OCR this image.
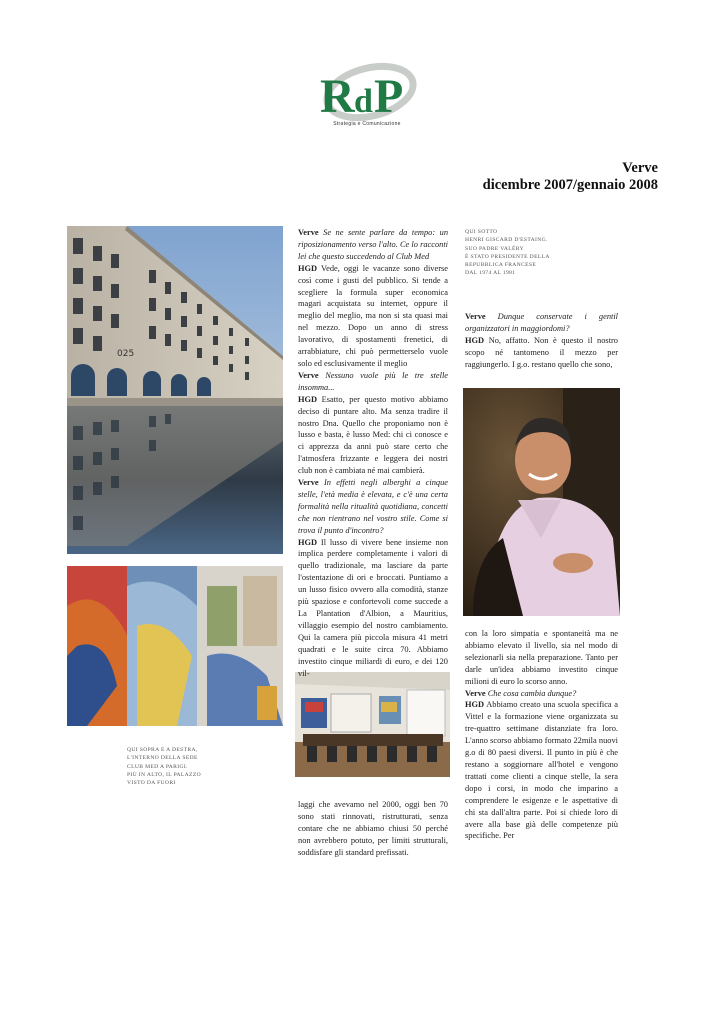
R d P
Strategia e Comunicazione
Verve
dicembre 2007/gennaio 2008
025
QUI SOTTO
HENRI GISCARD D'ESTAING.
SUO PADRE VALÉRY
È STATO PRESIDENTE DELLA
REPUBBLICA FRANCESE
DAL 1974 AL 1981
QUI SOPRA E A DESTRA,
L'INTERNO DELLA SEDE
CLUB MED A PARIGI.
PIÙ IN ALTO, IL PALAZZO
VISTO DA FUORI

Verve Se ne sente parlare da tempo: un riposizionamento verso l'alto. Ce lo racconti lei che questo succedendo al Club Med

HGD Vede, oggi le vacanze sono diverse così come i gusti del pubblico. Si tende a scegliere la formula super economica magari acquistata su internet, oppure il meglio del meglio, ma non si sta quasi mai nel mezzo. Dopo un anno di stress lavorativo, di spostamenti frenetici, di arrabbiature, chi può permetterselo vuole solo ed esclusivamente il meglio

Verve Nessuno vuole più le tre stelle insomma...

HGD Esatto, per questo motivo abbiamo deciso di puntare alto. Ma senza tradire il nostro Dna. Quello che proponiamo non è lusso e basta, è lusso Med: chi ci conosce e ci apprezza da anni può stare certo che l'atmosfera frizzante e leggera dei nostri club non è cambiata né mai cambierà.

Verve In effetti negli alberghi a cinque stelle, l'età media è elevata, e c'è una certa formalità nella ritualità quotidiana, concetti che non rientrano nel vostro stile. Come si trova il punto d'incontro?

HGD Il lusso di vivere bene insieme non implica perdere completamente i valori di quello tradizionale, ma lasciare da parte l'ostentazione di ori e broccati. Puntiamo a un lusso fisico ovvero alla comodità, stanze più spaziose e confortevoli come succede a La Plantation d'Albion, a Mauritius, villaggio esempio del nostro cambiamento. Qui la camera più piccola misura 41 metri quadrati e le suite circa 70. Abbiamo investito cinque miliardi di euro, e dei 120 vil-

laggi che avevamo nel 2000, oggi ben 70 sono stati rinnovati, ristrutturati, senza contare che ne abbiamo chiusi 50 perché non avrebbero potuto, per limiti strutturali, soddisfare gli standard prefissati.

Verve Dunque conservate i gentil organizzatori in maggiordomi?

HGD No, affatto. Non è questo il nostro scopo né tantomeno il mezzo per raggiungerlo. I g.o. restano quello che sono,

con la loro simpatia e spontaneità ma ne abbiamo elevato il livello, sia nel modo di selezionarli sia nella preparazione. Tanto per darle un'idea abbiamo investito cinque milioni di euro lo scorso anno.

Verve Che cosa cambia dunque?

HGD Abbiamo creato una scuola specifica a Vittel e la formazione viene organizzata su tre-quattro settimane distanziate fra loro. L'anno scorso abbiamo formato 22mila nuovi g.o di 80 paesi diversi. Il punto in più è che restano a soggiornare all'hotel e vengono trattati come clienti a cinque stelle, la sera dopo i corsi, in modo che imparino a comprendere le esigenze e le aspettative di chi sta dall'altra parte. Poi si chiede loro di avere alla base già delle competenze più specifiche. Per
